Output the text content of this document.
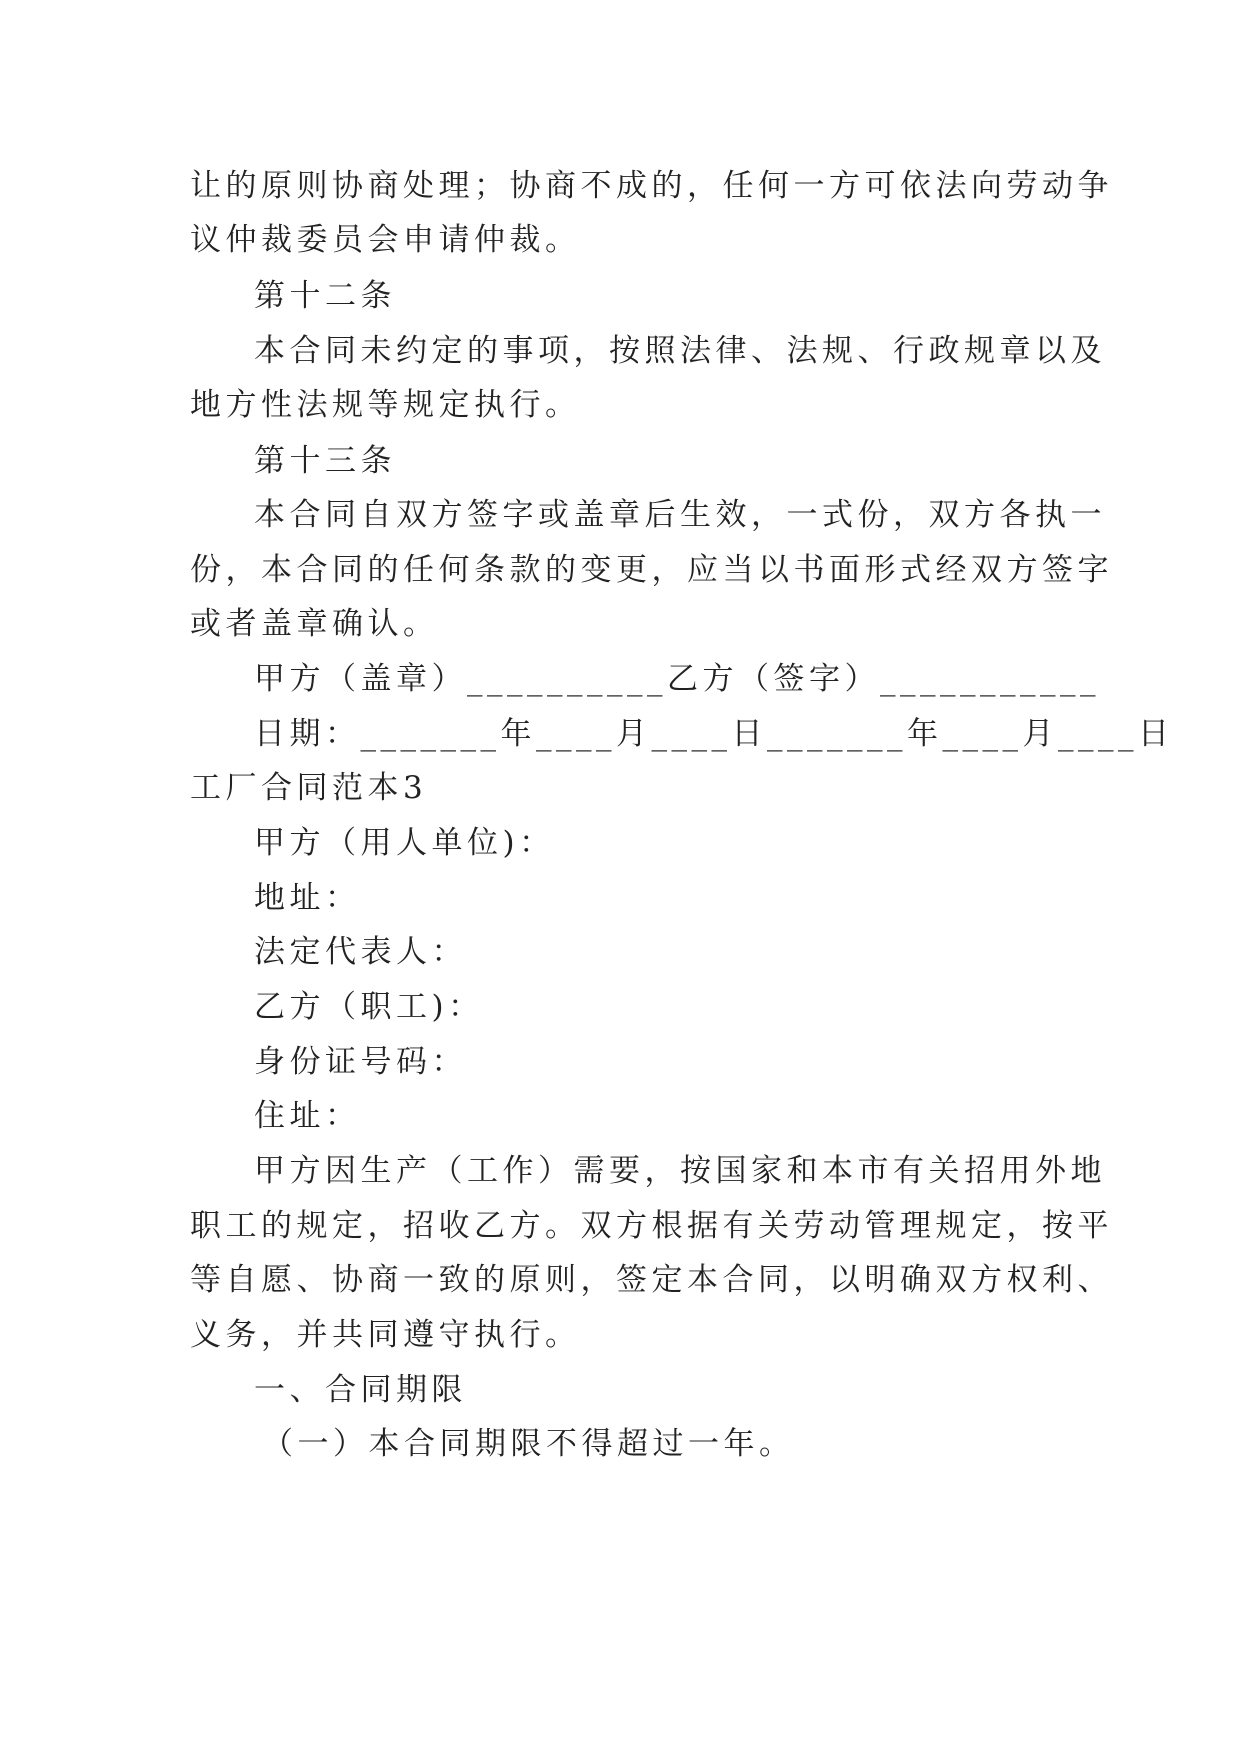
让的原则协商处理；协商不成的，任何一方可依法向劳动争

议仲裁委员会申请仲裁。

第十二条

本合同未约定的事项，按照法律、法规、行政规章以及

地方性法规等规定执行。

第十三条

本合同自双方签字或盖章后生效，一式份，双方各执一

份，本合同的任何条款的变更，应当以书面形式经双方签字

或者盖章确认。

甲方（盖章）__________乙方（签字）___________

日期：_______年____月____日_______年____月____日

工厂合同范本3

甲方（用人单位)：

地址：

法定代表人：

乙方（职工)：

身份证号码：

住址：

甲方因生产（工作）需要，按国家和本市有关招用外地

职工的规定，招收乙方。双方根据有关劳动管理规定，按平

等自愿、协商一致的原则，签定本合同，以明确双方权利、

义务，并共同遵守执行。

一、合同期限

（一）本合同期限不得超过一年。
